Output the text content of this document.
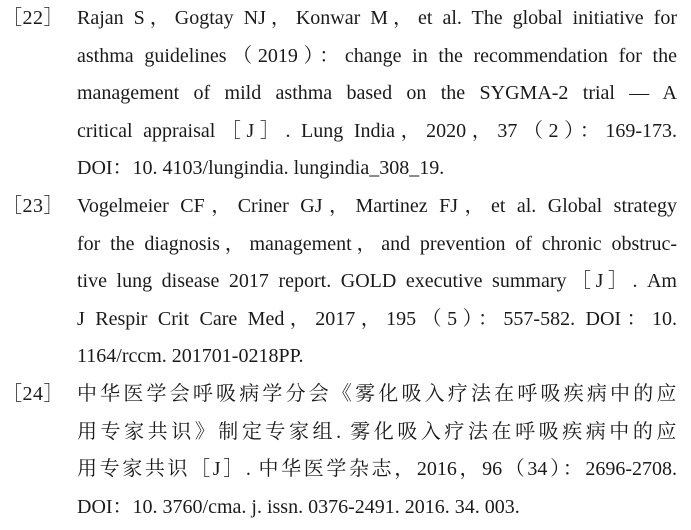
［22］ Rajan S，Gogtay NJ，Konwar M，et al. The global initiative for
asthma guidelines（2019）：change in the recommendation for the
management of mild asthma based on the SYGMA-2 trial — A
critical appraisal［J］. Lung India，2020，37（2）：169-173.
DOI：10. 4103/lungindia. lungindia_308_19.
［23］ Vogelmeier CF，Criner GJ，Martinez FJ，et al. Global strategy
for the diagnosis，management，and prevention of chronic obstruc-
tive lung disease 2017 report. GOLD executive summary［J］. Am
J Respir Crit Care Med，2017，195（5）：557-582. DOI：10.
1164/rccm. 201701-0218PP.
［24］ 中华医学会呼吸病学分会《雾化吸入疗法在呼吸疾病中的应
用专家共识》制定专家组. 雾化吸入疗法在呼吸疾病中的应
用专家共识［J］. 中华医学杂志，2016，96（34）：2696-2708.
DOI：10. 3760/cma. j. issn. 0376-2491. 2016. 34. 003.
